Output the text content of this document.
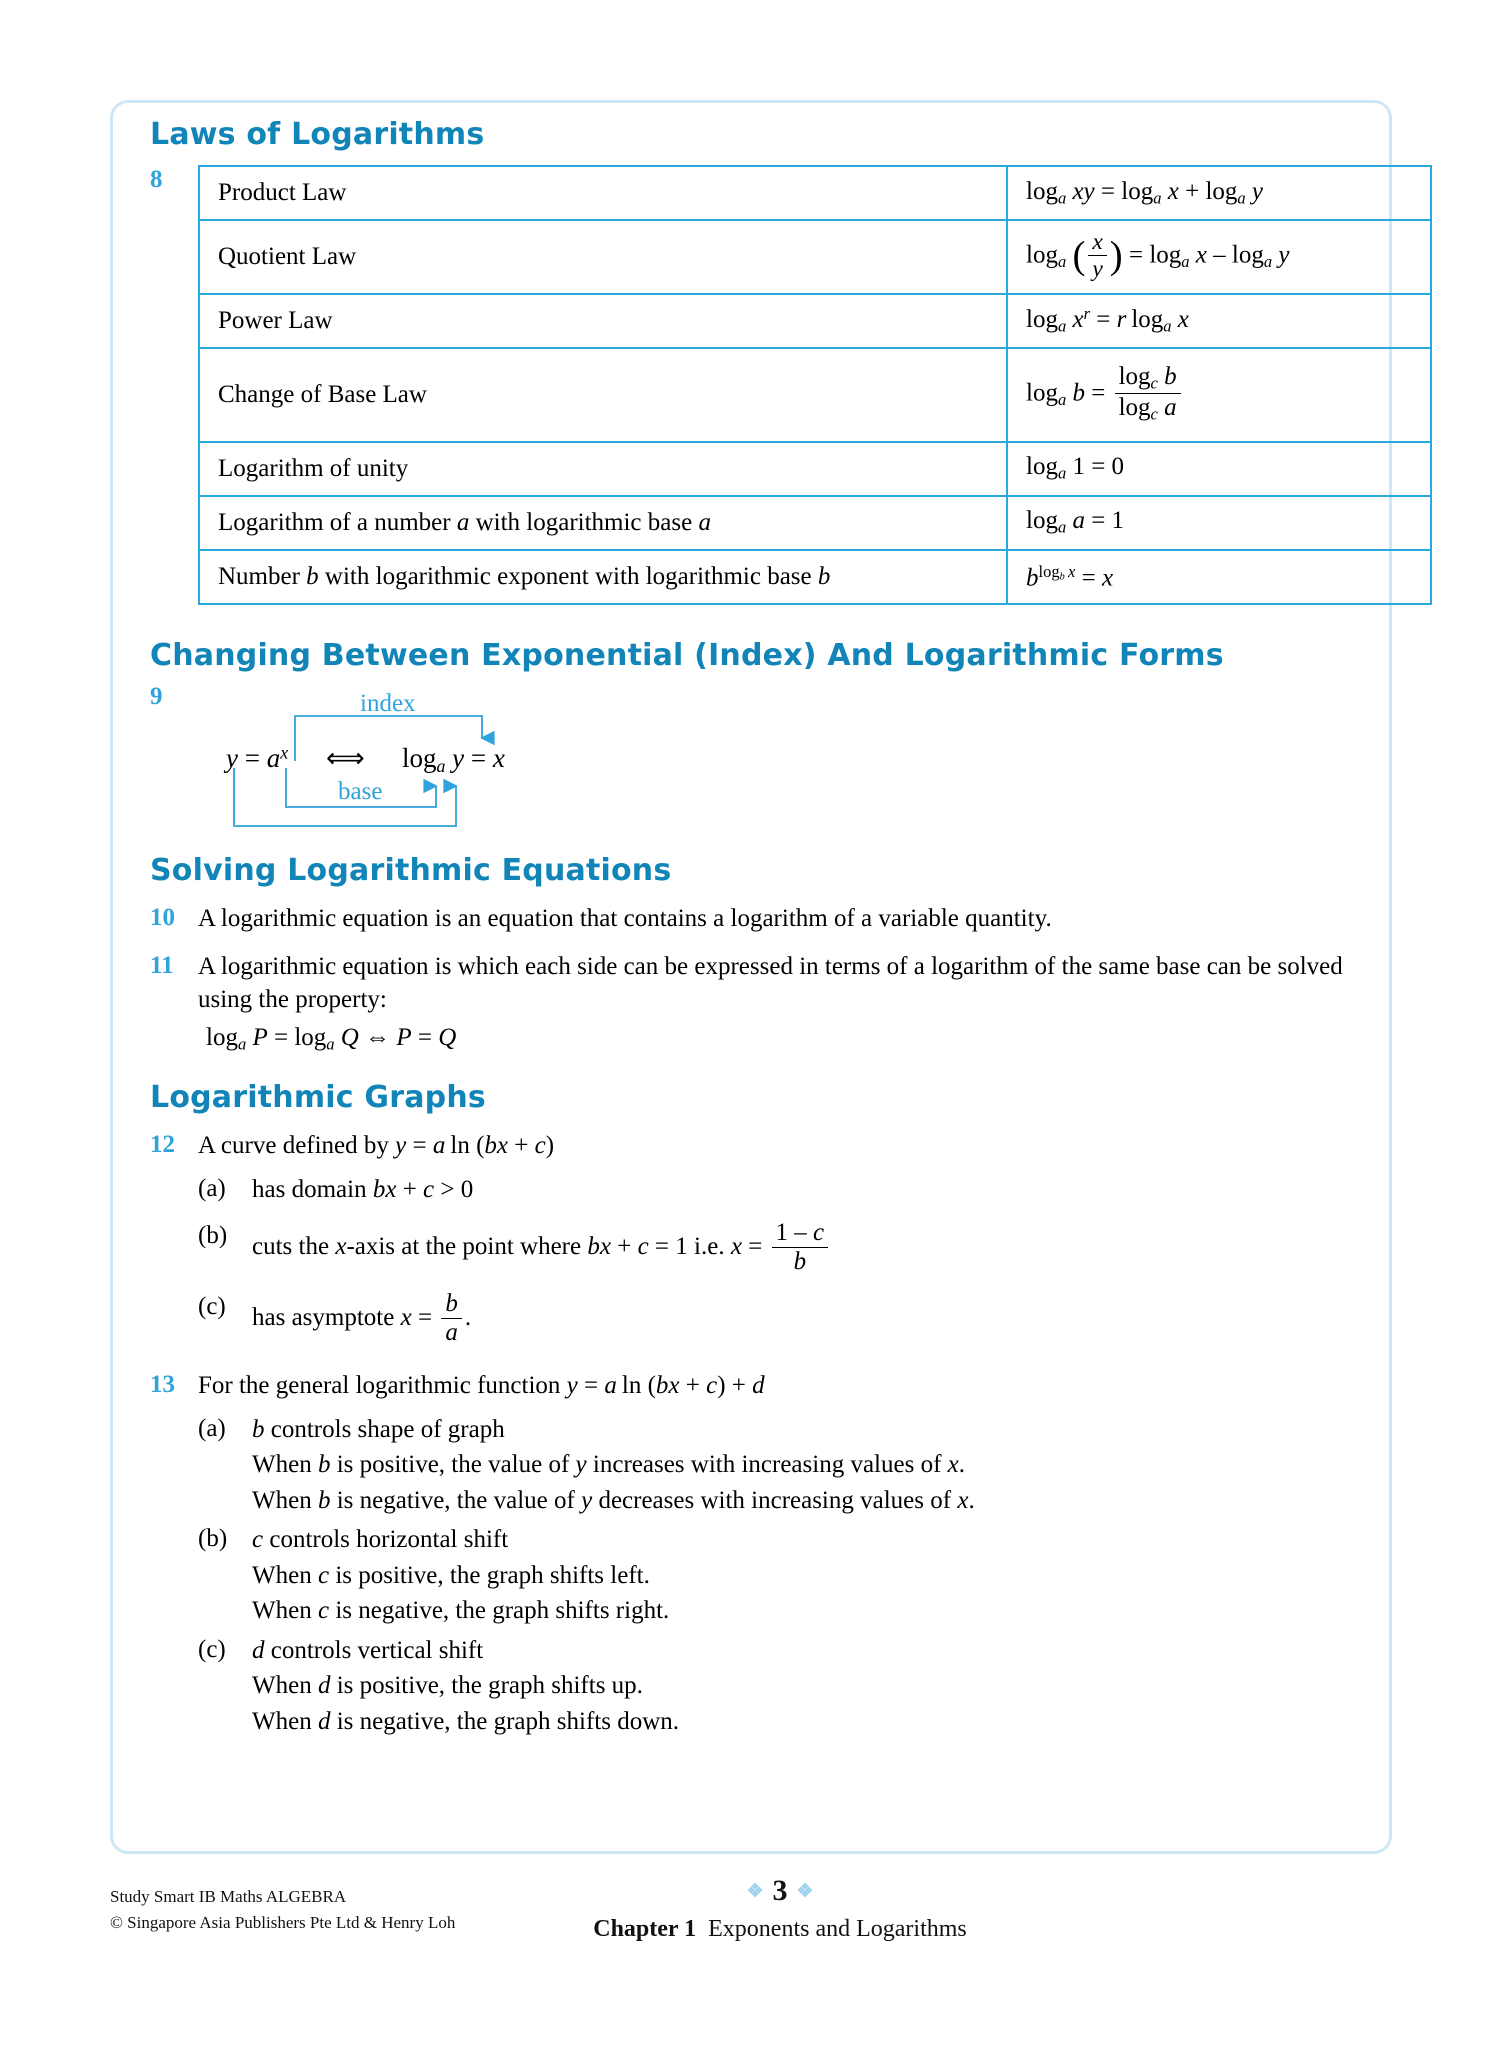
Laws of Logarithms
8	Product Law	$\log_a$ xy = $\log_a x + \log_a y$
Quotient Law	$\log_a$ ( $\frac{x}{y}$ ) = $\log_a x - \log_a y$
Power Law	$\log_a x^r = r$  $\log_a x$
Change of Base Law	$\log_a b = \frac{\log_c b}{\log_c a}$

Logarithm of unity	$\log_a 1 = 0$
Logarithm of a number a with logarithmic base a	$\log_a a = 1$
Number b with logarithmic exponent with logarithmic base b	$b^{logb x} = x$
Changing Between Exponential (Index) And Logarithmic Forms
9	index
base
$y = a^x$ ⟺ $\log_a y = x$
Solving Logarithmic Equations
10 A logarithmic equation is an equation that contains a logarithm of a variable quantity.
11 A logarithmic equation is which each side can be expressed in terms of a logarithm of the same base can be solved using the property:
$\log_a P = \log_a Q$ ⇔ P = Q
Logarithmic Graphs
12 A curve defined by y = a  ln (bx + c)
(a)	has domain bx + c > 0
(b) cuts the x-axis at the point where bx + c = 1 i.e. $x = \frac{1 - c}{b}$
(c)	has asymptote $x = \frac{b}{a}$ .
13 For the general logarithmic function y = a  ln (bx + c) + d
(a)	b controls shape of graph
When b is positive, the value of y increases with increasing values of x.
When b is negative, the value of y decreases with increasing values of x.
(b) c controls horizontal shift
When c is positive, the graph shifts left.
When c is negative, the graph shifts right.
(c)	d controls vertical shift
When d is positive, the graph shifts up.
When d is negative, the graph shifts down.
Study Smart IB Maths ALGEBRA
© Singapore Asia Publishers Pte Ltd & Henry Loh
❖ 3 ❖
Chapter 1 Exponents and Logarithms
